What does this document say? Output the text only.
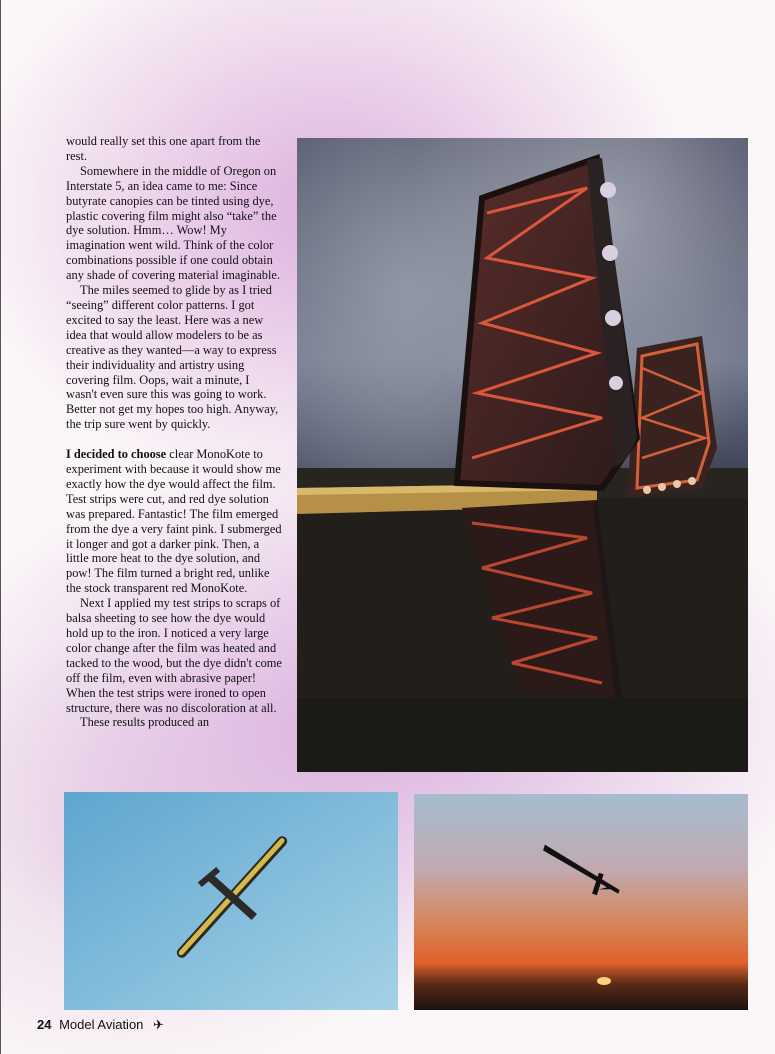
would really set this one apart from the rest.

Somewhere in the middle of Oregon on Interstate 5, an idea came to me: Since butyrate canopies can be tinted using dye, plastic covering film might also “take” the dye solution. Hmm… Wow! My imagination went wild. Think of the color combinations possible if one could obtain any shade of covering material imaginable.

The miles seemed to glide by as I tried “seeing” different color patterns. I got excited to say the least. Here was a new idea that would allow modelers to be as creative as they wanted—a way to express their individuality and artistry using covering film. Oops, wait a minute, I wasn't even sure this was going to work. Better not get my hopes too high. Anyway, the trip sure went by quickly.

I decided to choose clear MonoKote to experiment with because it would show me exactly how the dye would affect the film. Test strips were cut, and red dye solution was prepared. Fantastic! The film emerged from the dye a very faint pink. I submerged it longer and got a darker pink. Then, a little more heat to the dye solution, and pow! The film turned a bright red, unlike the stock transparent red MonoKote.

Next I applied my test strips to scraps of balsa sheeting to see how the dye would hold up to the iron. I noticed a very large color change after the film was heated and tacked to the wood, but the dye didn't come off the film, even with abrasive paper! When the test strips were ironed to open structure, there was no discoloration at all.

These results produced an

24 Model Aviation ✈
